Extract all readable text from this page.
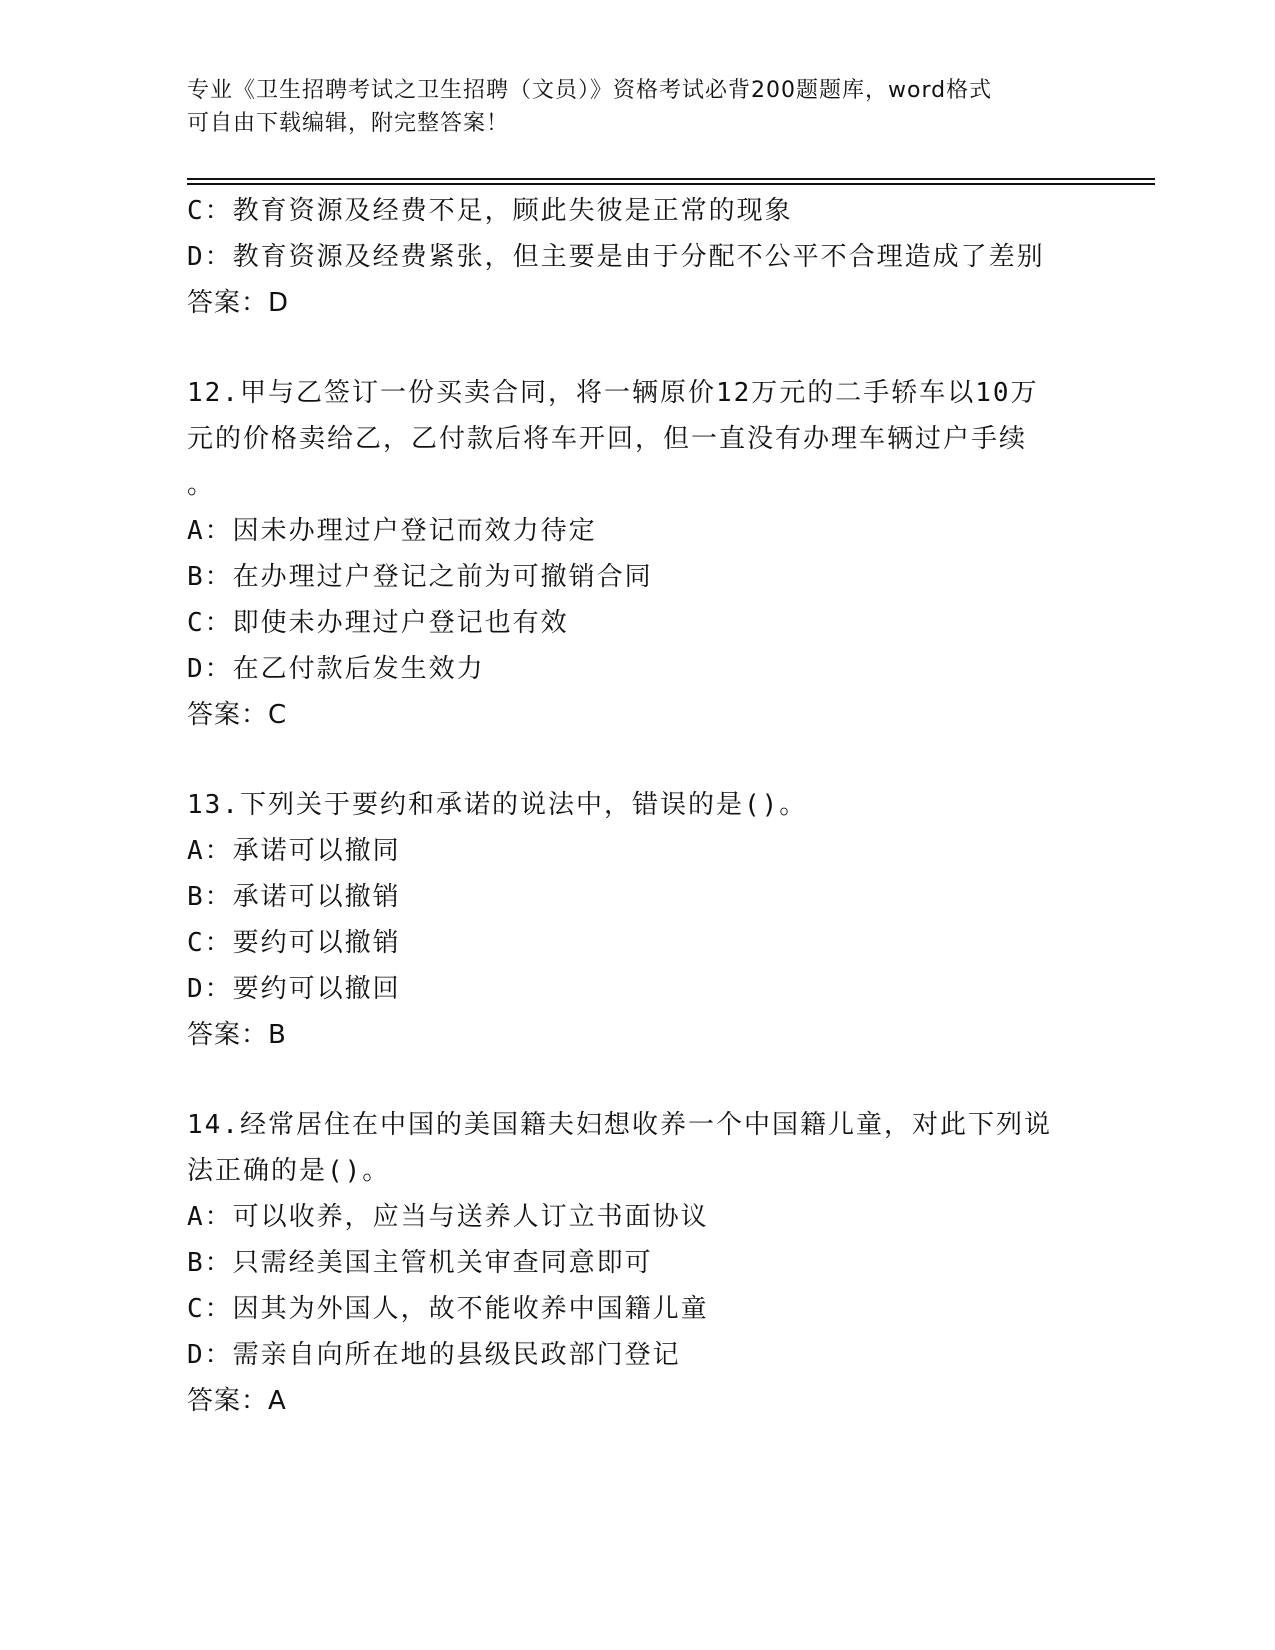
专业《卫生招聘考试之卫生招聘（文员）》资格考试必背200题题库，word格式
可自由下载编辑，附完整答案！
C：教育资源及经费不足，顾此失彼是正常的现象
D：教育资源及经费紧张，但主要是由于分配不公平不合理造成了差别
答案：D
12.甲与乙签订一份买卖合同，将一辆原价12万元的二手轿车以10万
元的价格卖给乙，乙付款后将车开回，但一直没有办理车辆过户手续
。
A：因未办理过户登记而效力待定
B：在办理过户登记之前为可撤销合同
C：即使未办理过户登记也有效
D：在乙付款后发生效力
答案：C
13.下列关于要约和承诺的说法中，错误的是()。
A：承诺可以撤同
B：承诺可以撤销
C：要约可以撤销
D：要约可以撤回
答案：B
14.经常居住在中国的美国籍夫妇想收养一个中国籍儿童，对此下列说
法正确的是()。
A：可以收养，应当与送养人订立书面协议
B：只需经美国主管机关审查同意即可
C：因其为外国人，故不能收养中国籍儿童
D：需亲自向所在地的县级民政部门登记
答案：A
